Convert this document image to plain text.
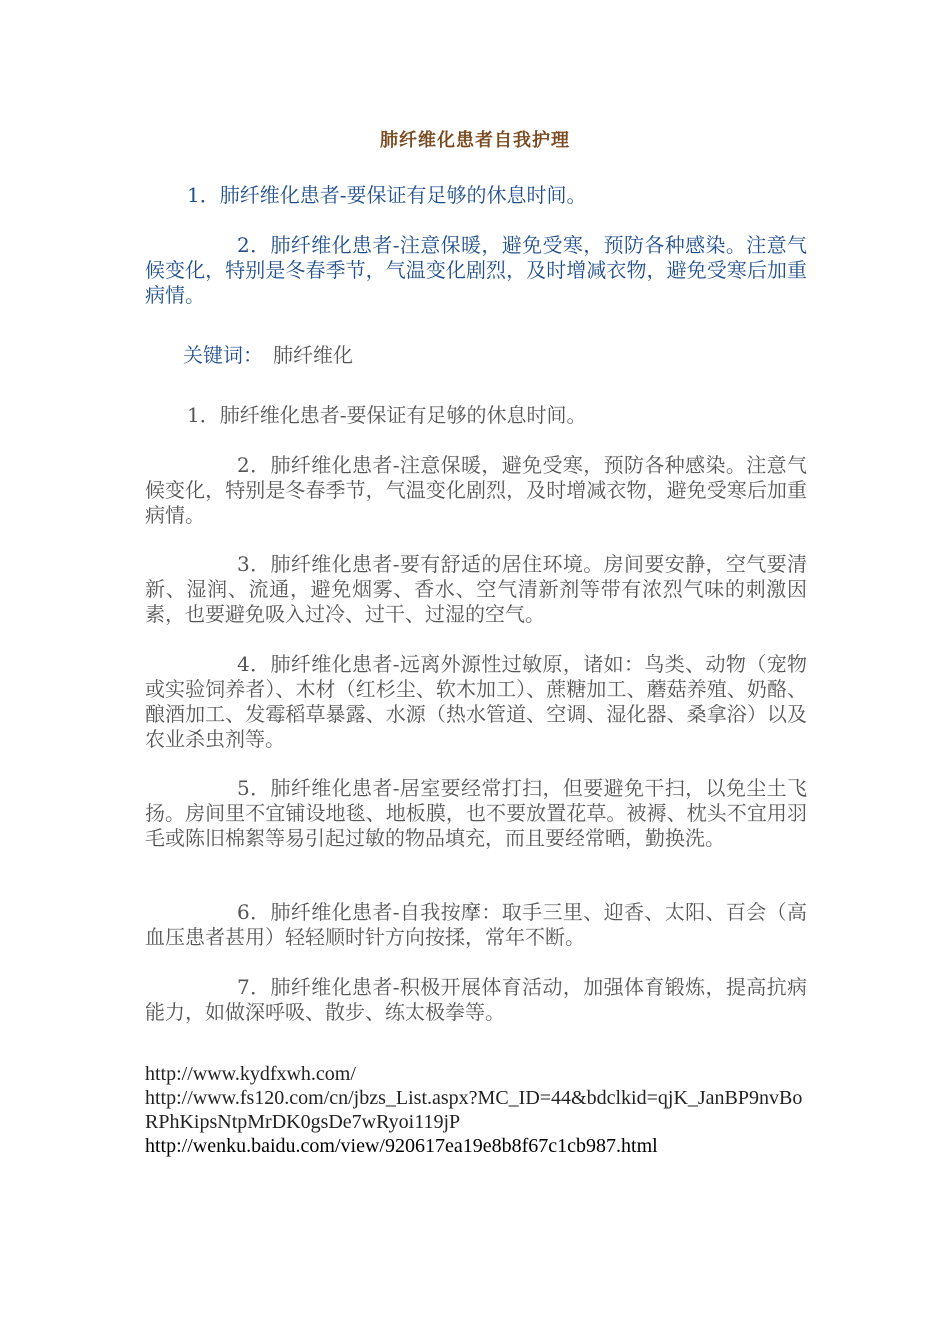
肺纤维化患者自我护理

1．肺纤维化患者-要保证有足够的休息时间。

2．肺纤维化患者-注意保暖，避免受寒，预防各种感染。注意气候变化，特别是冬春季节，气温变化剧烈，及时增减衣物，避免受寒后加重病情。

关键词： 肺纤维化

1．肺纤维化患者-要保证有足够的休息时间。

2．肺纤维化患者-注意保暖，避免受寒，预防各种感染。注意气候变化，特别是冬春季节，气温变化剧烈，及时增减衣物，避免受寒后加重病情。

3．肺纤维化患者-要有舒适的居住环境。房间要安静，空气要清新、湿润、流通，避免烟雾、香水、空气清新剂等带有浓烈气味的刺激因素，也要避免吸入过冷、过干、过湿的空气。

4．肺纤维化患者-远离外源性过敏原，诸如：鸟类、动物（宠物或实验饲养者）、木材（红杉尘、软木加工）、蔗糖加工、蘑菇养殖、奶酪、酿酒加工、发霉稻草暴露、水源（热水管道、空调、湿化器、桑拿浴）以及农业杀虫剂等。

5．肺纤维化患者-居室要经常打扫，但要避免干扫，以免尘土飞扬。房间里不宜铺设地毯、地板膜，也不要放置花草。被褥、枕头不宜用羽毛或陈旧棉絮等易引起过敏的物品填充，而且要经常晒，勤换洗。

6．肺纤维化患者-自我按摩：取手三里、迎香、太阳、百会（高血压患者甚用）轻轻顺时针方向按揉，常年不断。

7．肺纤维化患者-积极开展体育活动，加强体育锻炼，提高抗病能力，如做深呼吸、散步、练太极拳等。

http://www.kydfxwh.com/
http://www.fs120.com/cn/jbzs_List.aspx?MC_ID=44&bdclkid=qjK_JanBP9nvBoRPhKipsNtpMrDK0gsDe7wRyoi119jP
http://wenku.baidu.com/view/920617ea19e8b8f67c1cb987.html
